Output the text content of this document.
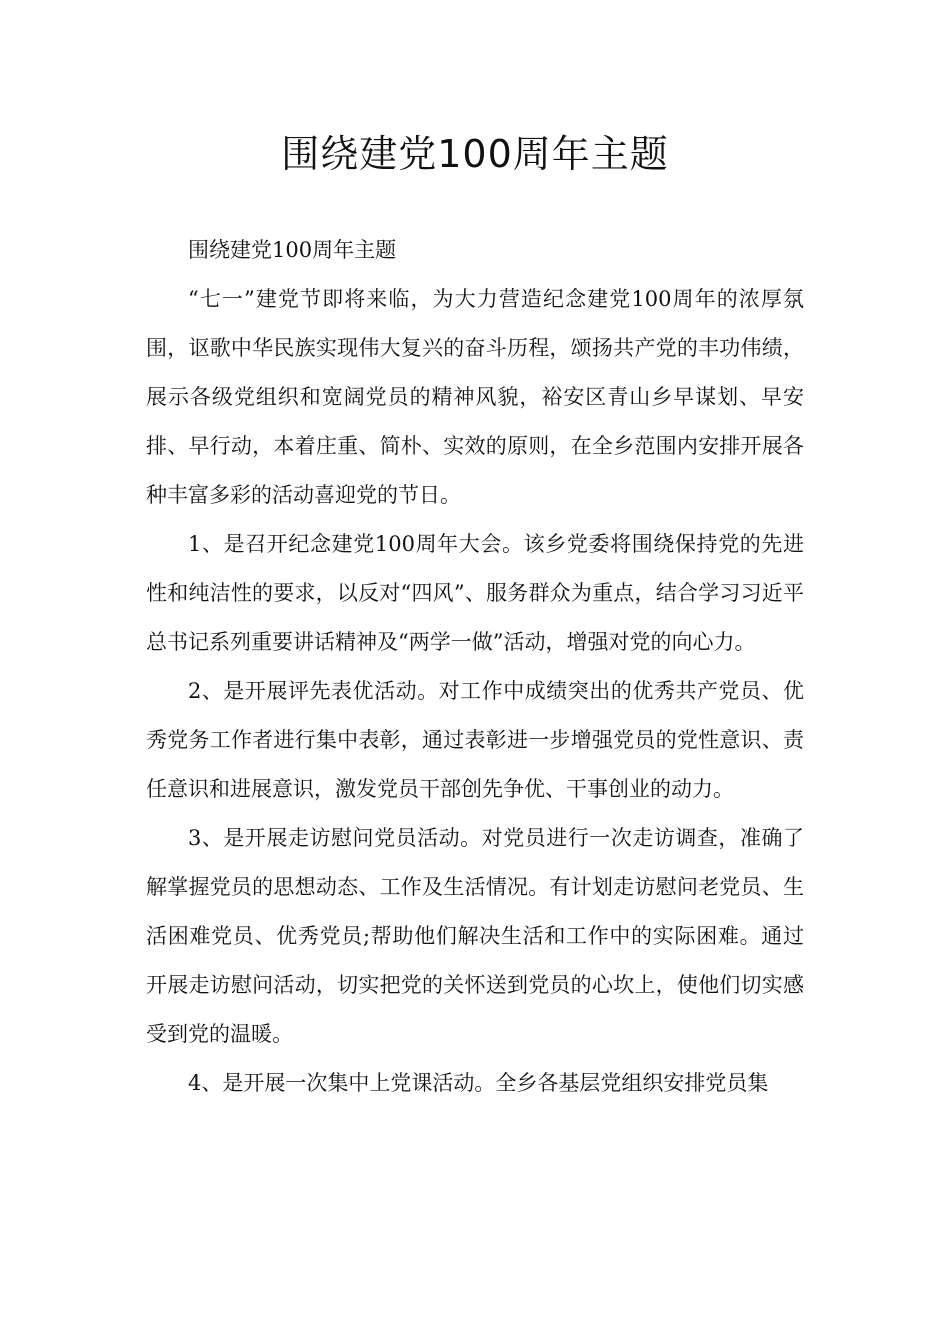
围绕建党100周年主题

围绕建党100周年主题

“七一”建党节即将来临，为大力营造纪念建党100周年的浓厚氛围，讴歌中华民族实现伟大复兴的奋斗历程，颂扬共产党的丰功伟绩，展示各级党组织和宽阔党员的精神风貌，裕安区青山乡早谋划、早安排、早行动，本着庄重、简朴、实效的原则，在全乡范围内安排开展各种丰富多彩的活动喜迎党的节日。

1、是召开纪念建党100周年大会。该乡党委将围绕保持党的先进性和纯洁性的要求，以反对“四风”、服务群众为重点，结合学习习近平总书记系列重要讲话精神及“两学一做”活动，增强对党的向心力。

2、是开展评先表优活动。对工作中成绩突出的优秀共产党员、优秀党务工作者进行集中表彰，通过表彰进一步增强党员的党性意识、责任意识和进展意识，激发党员干部创先争优、干事创业的动力。

3、是开展走访慰问党员活动。对党员进行一次走访调查，准确了解掌握党员的思想动态、工作及生活情况。有计划走访慰问老党员、生活困难党员、优秀党员;帮助他们解决生活和工作中的实际困难。通过开展走访慰问活动，切实把党的关怀送到党员的心坎上，使他们切实感受到党的温暖。

4、是开展一次集中上党课活动。全乡各基层党组织安排党员集
